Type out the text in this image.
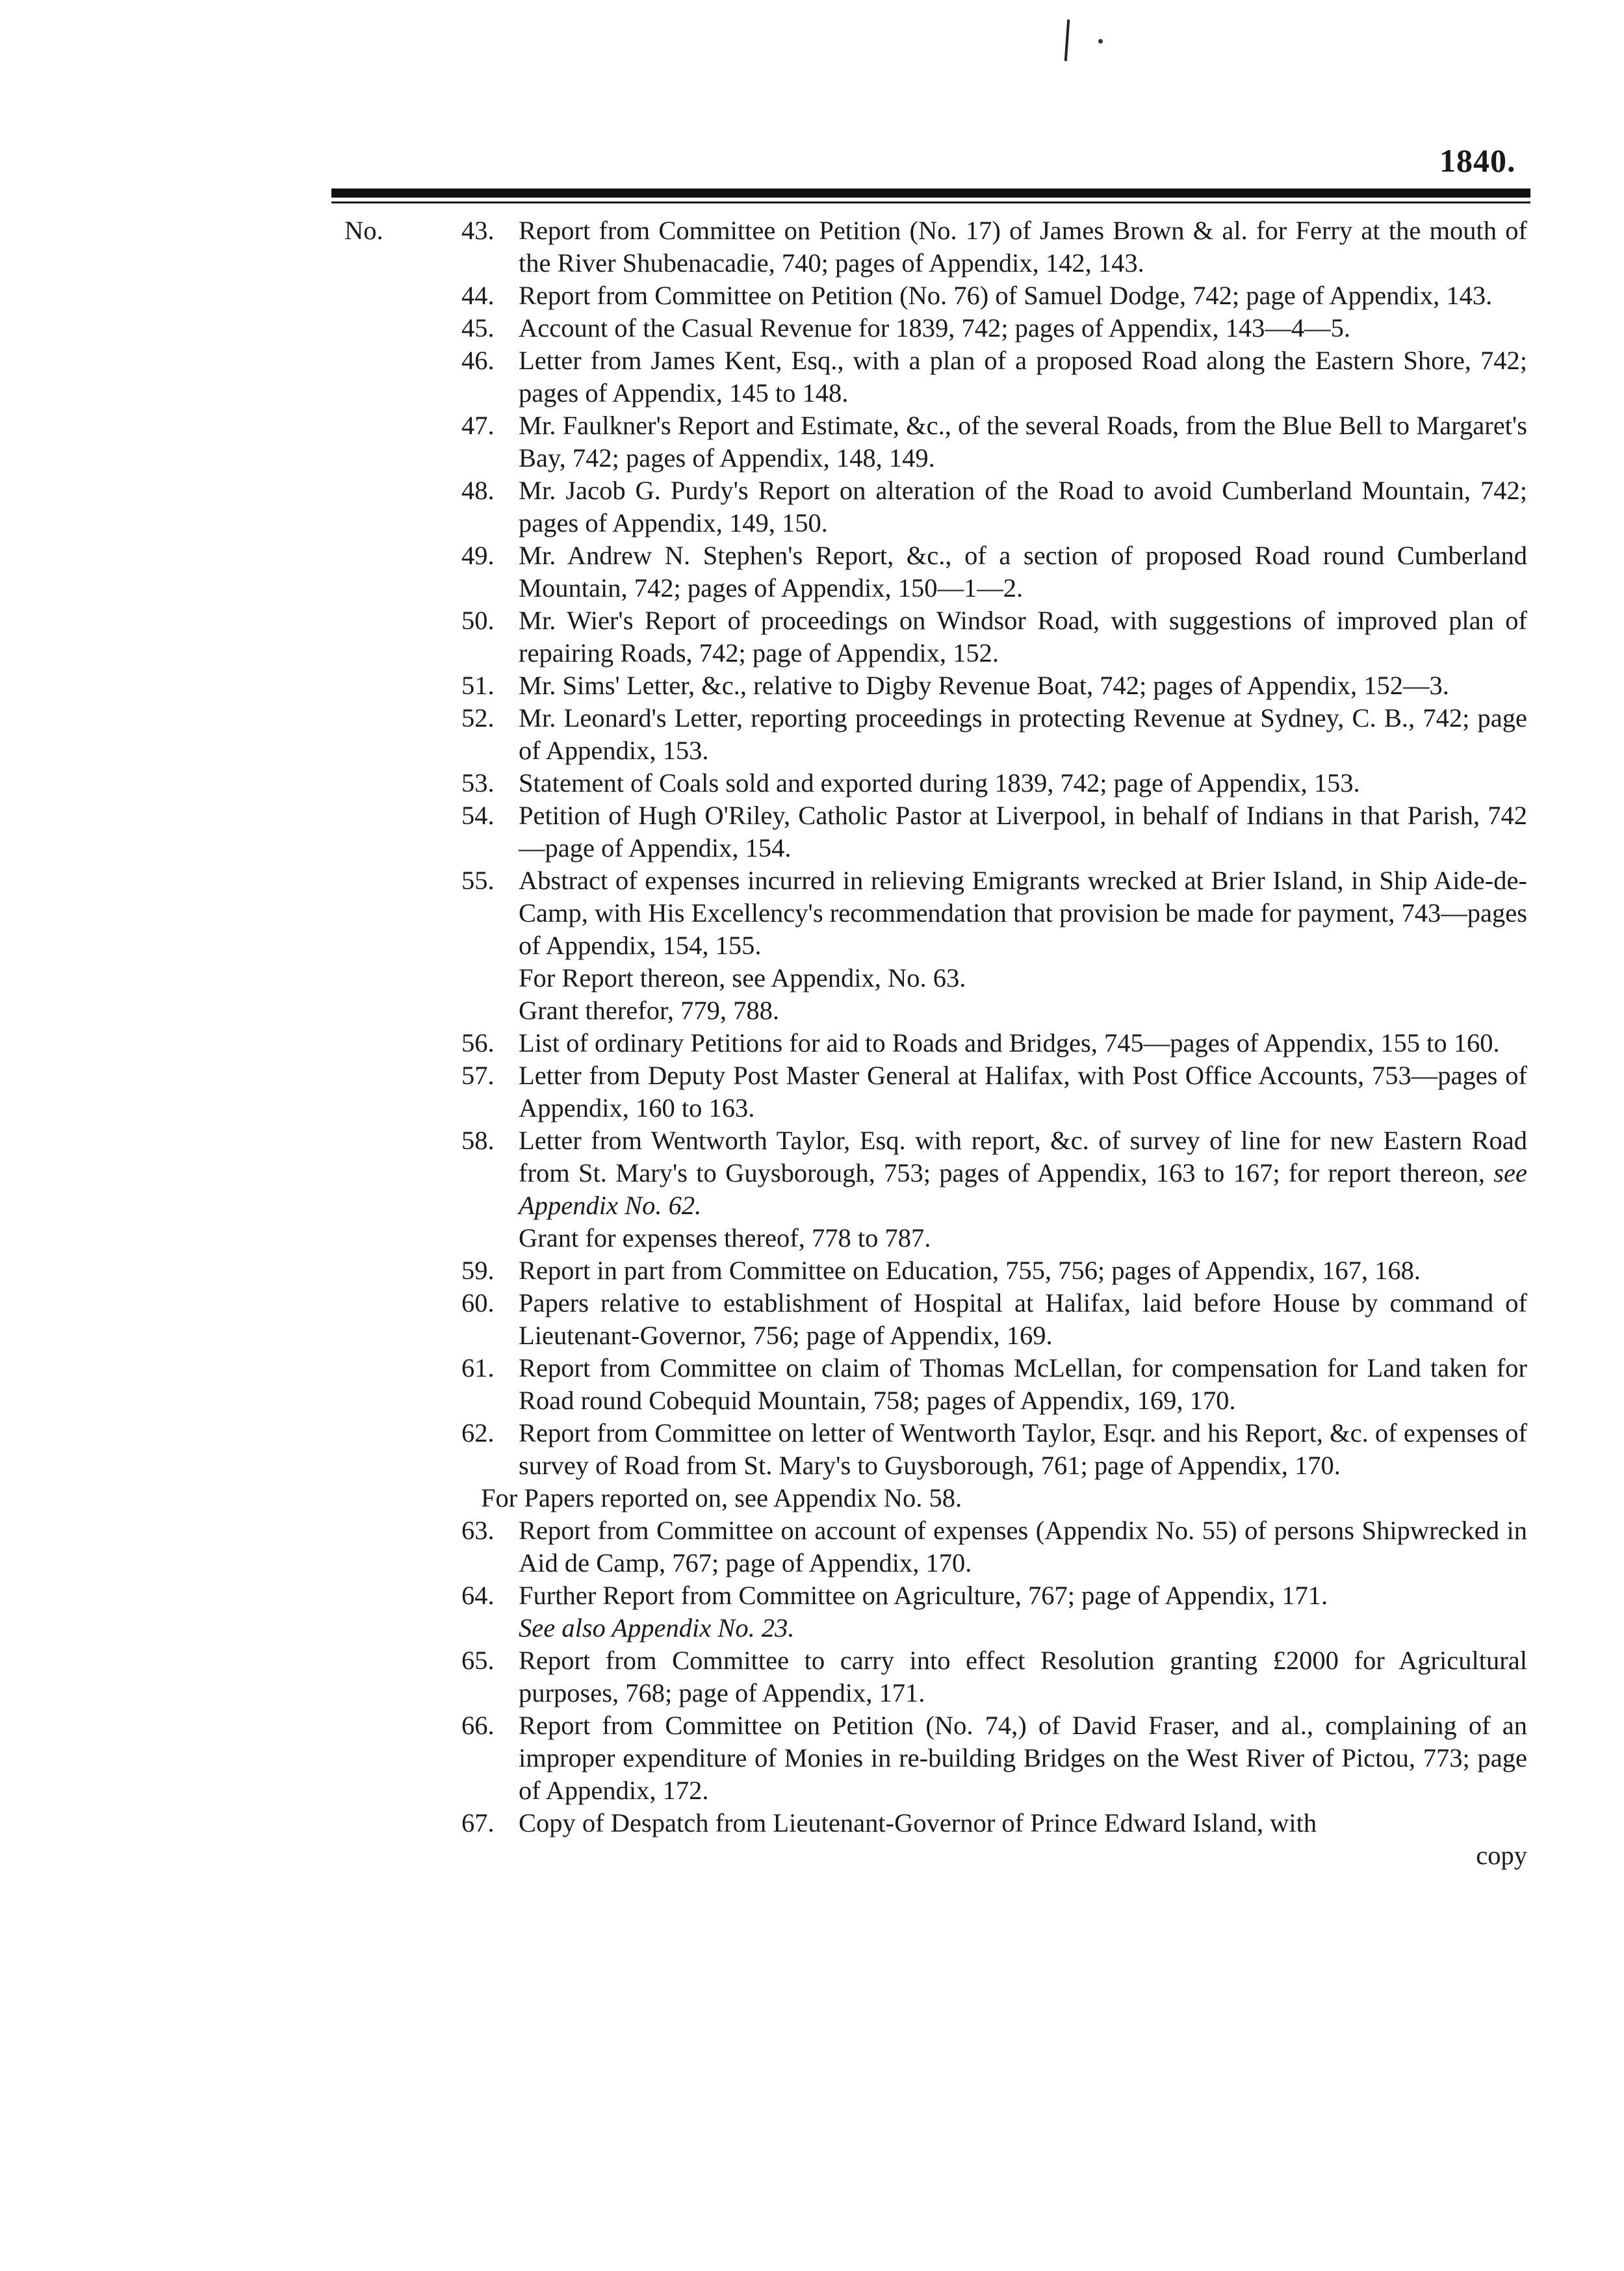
1840.
No.	43. Report from Committee on Petition (No. 17) of James Brown & al. for Ferry at the mouth of the River Shubenacadie, 740; pages of Appendix, 142, 143.
44. Report from Committee on Petition (No. 76) of Samuel Dodge, 742; page of Appendix, 143.
45. Account of the Casual Revenue for 1839, 742; pages of Appendix, 143—4—5.
46. Letter from James Kent, Esq., with a plan of a proposed Road along the Eastern Shore, 742; pages of Appendix, 145 to 148.
47. Mr. Faulkner's Report and Estimate, &c., of the several Roads, from the Blue Bell to Margaret's Bay, 742; pages of Appendix, 148, 149.
48. Mr. Jacob G. Purdy's Report on alteration of the Road to avoid Cumberland Mountain, 742; pages of Appendix, 149, 150.
49. Mr. Andrew N. Stephen's Report, &c., of a section of proposed Road round Cumberland Mountain, 742; pages of Appendix, 150—1—2.
50. Mr. Wier's Report of proceedings on Windsor Road, with suggestions of improved plan of repairing Roads, 742; page of Appendix, 152.
51. Mr. Sims' Letter, &c., relative to Digby Revenue Boat, 742; pages of Appendix, 152—3.
52. Mr. Leonard's Letter, reporting proceedings in protecting Revenue at Sydney, C. B., 742; page of Appendix, 153.
53. Statement of Coals sold and exported during 1839, 742; page of Appendix, 153.
54. Petition of Hugh O'Riley, Catholic Pastor at Liverpool, in behalf of Indians in that Parish, 742—page of Appendix, 154.
55. Abstract of expenses incurred in relieving Emigrants wrecked at Brier Island, in Ship Aide-de-Camp, with His Excellency's recommendation that provision be made for payment, 743—pages of Appendix, 154, 155.
For Report thereon, see Appendix, No. 63.
Grant therefor, 779, 788.
56. List of ordinary Petitions for aid to Roads and Bridges, 745—pages of Appendix, 155 to 160.
57. Letter from Deputy Post Master General at Halifax, with Post Office Accounts, 753—pages of Appendix, 160 to 163.
58. Letter from Wentworth Taylor, Esq. with report, &c. of survey of line for new Eastern Road from St. Mary's to Guysborough, 753; pages of Appendix, 163 to 167; for report thereon, see Appendix No. 62.
Grant for expenses thereof, 778 to 787.
59. Report in part from Committee on Education, 755, 756; pages of Appendix, 167, 168.
60. Papers relative to establishment of Hospital at Halifax, laid before House by command of Lieutenant-Governor, 756; page of Appendix, 169.
61. Report from Committee on claim of Thomas McLellan, for compensation for Land taken for Road round Cobequid Mountain, 758; pages of Appendix, 169, 170.
62. Report from Committee on letter of Wentworth Taylor, Esqr. and his Report, &c. of expenses of survey of Road from St. Mary's to Guysborough, 761; page of Appendix, 170.
For Papers reported on, see Appendix No. 58.
63. Report from Committee on account of expenses (Appendix No. 55) of persons Shipwrecked in Aid de Camp, 767; page of Appendix, 170.
64. Further Report from Committee on Agriculture, 767; page of Appendix, 171.
See also Appendix No. 23.
65. Report from Committee to carry into effect Resolution granting £2000 for Agricultural purposes, 768; page of Appendix, 171.
66. Report from Committee on Petition (No. 74,) of David Fraser, and al., complaining of an improper expenditure of Monies in re-building Bridges on the West River of Pictou, 773; page of Appendix, 172.
67. Copy of Despatch from Lieutenant-Governor of Prince Edward Island, with
copy
